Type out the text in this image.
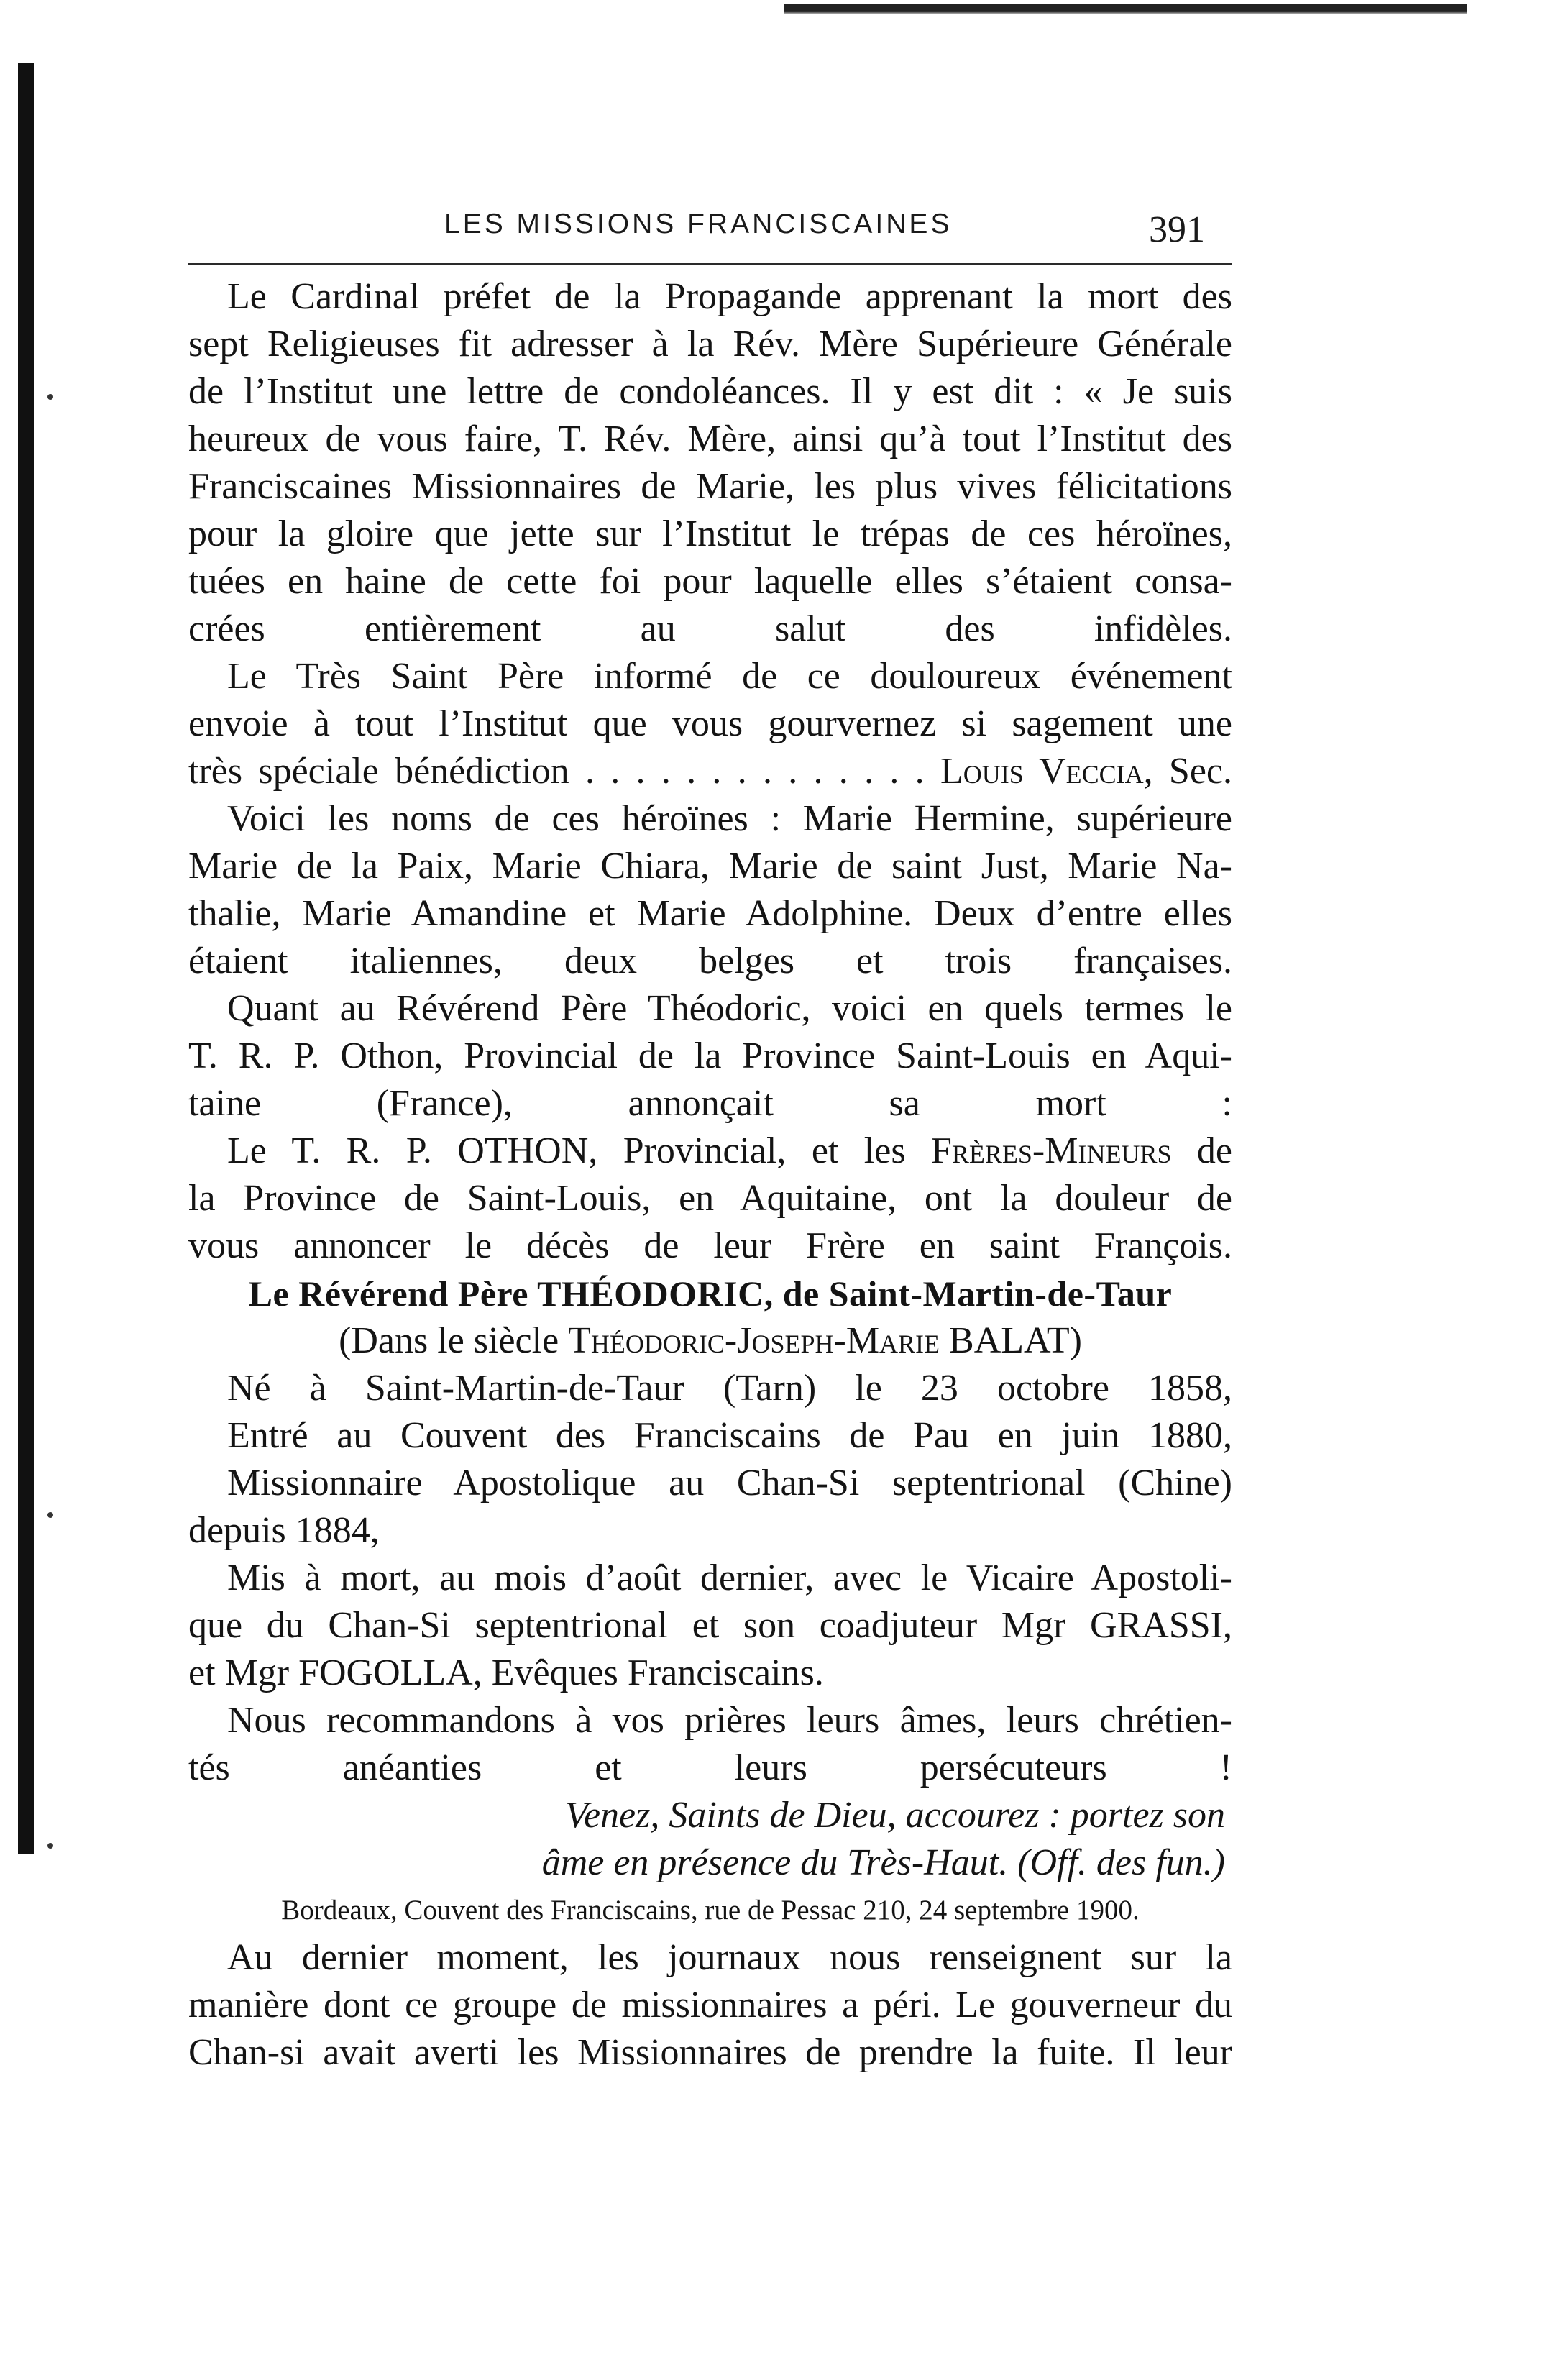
LES MISSIONS FRANCISCAINES	391

Le Cardinal préfet de la Propagande apprenant la mort des
sept Religieuses fit adresser à la Rév. Mère Supérieure Générale
de l’Institut une lettre de condoléances. Il y est dit : « Je suis
heureux de vous faire, T. Rév. Mère, ainsi qu’à tout l’Institut des
Franciscaines Missionnaires de Marie, les plus vives félicitations
pour la gloire que jette sur l’Institut le trépas de ces héroïnes,
tuées en haine de cette foi pour laquelle elles s’étaient consa-
crées entièrement au salut des infidèles.

Le Très Saint Père informé de ce douloureux événement
envoie à tout l’Institut que vous gourvernez si sagement une
très spéciale bénédiction . . . . . . . . . . . . . . Louis Veccia, Sec.

Voici les noms de ces héroïnes : Marie Hermine, supérieure
Marie de la Paix, Marie Chiara, Marie de saint Just, Marie Na-
thalie, Marie Amandine et Marie Adolphine. Deux d’entre elles
étaient italiennes, deux belges et trois françaises.

Quant au Révérend Père Théodoric, voici en quels termes le
T. R. P. Othon, Provincial de la Province Saint-Louis en Aqui-
taine (France), annonçait sa mort :

Le T. R. P. OTHON, Provincial, et les Frères-Mineurs de
la Province de Saint-Louis, en Aquitaine, ont la douleur de
vous annoncer le décès de leur Frère en saint François.

Le Révérend Père THÉODORIC, de Saint-Martin-de-Taur

(Dans le siècle Théodoric-Joseph-Marie BALAT)

Né à Saint-Martin-de-Taur (Tarn) le 23 octobre 1858,

Entré au Couvent des Franciscains de Pau en juin 1880,

Missionnaire Apostolique au Chan-Si septentrional (Chine)

depuis 1884,

Mis à mort, au mois d’août dernier, avec le Vicaire Apostoli-

que du Chan-Si septentrional et son coadjuteur Mgr GRASSI,

et Mgr FOGOLLA, Evêques Franciscains.

Nous recommandons à vos prières leurs âmes, leurs chrétien-
tés anéanties et leurs persécuteurs !

Venez, Saints de Dieu, accourez : portez son
âme en présence du Très-Haut. (Off. des fun.)

Bordeaux, Couvent des Franciscains, rue de Pessac 210, 24 septembre 1900.

Au dernier moment, les journaux nous renseignent sur la
manière dont ce groupe de missionnaires a péri. Le gouverneur du
Chan-si avait averti les Missionnaires de prendre la fuite. Il leur
